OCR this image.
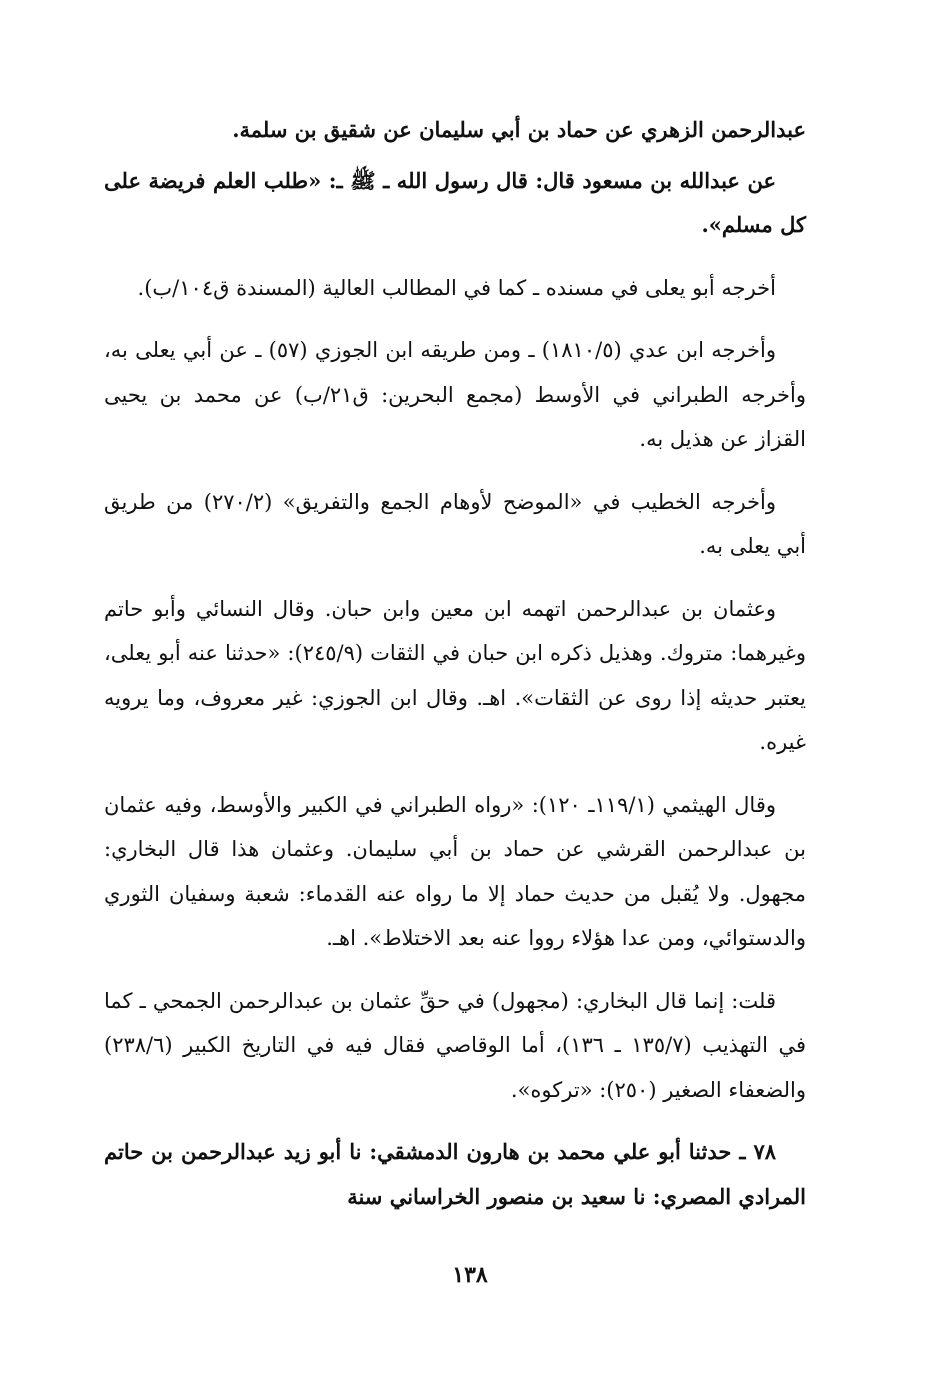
عبدالرحمن الزهري عن حماد بن أبي سليمان عن شقيق بن سلمة.

عن عبدالله بن مسعود قال: قال رسول الله ـ ﷺ ـ: «طلب العلم فريضة على كل مسلم».

أخرجه أبو يعلى في مسنده ـ كما في المطالب العالية (المسندة ق١٠٤/ب).

وأخرجه ابن عدي (١٨١٠/٥) ـ ومن طريقه ابن الجوزي (٥٧) ـ عن أبي يعلى به، وأخرجه الطبراني في الأوسط (مجمع البحرين: ق٢١/ب) عن محمد بن يحيى القزاز عن هذيل به.

وأخرجه الخطيب في «الموضح لأوهام الجمع والتفريق» (٢٧٠/٢) من طريق أبي يعلى به.

وعثمان بن عبدالرحمن اتهمه ابن معين وابن حبان. وقال النسائي وأبو حاتم وغيرهما: متروك. وهذيل ذكره ابن حبان في الثقات (٢٤٥/٩): «حدثنا عنه أبو يعلى، يعتبر حديثه إذا روى عن الثقات». اهـ. وقال ابن الجوزي: غير معروف، وما يرويه غيره.

وقال الهيثمي (١١٩/١ـ ١٢٠): «رواه الطبراني في الكبير والأوسط، وفيه عثمان بن عبدالرحمن القرشي عن حماد بن أبي سليمان. وعثمان هذا قال البخاري: مجهول. ولا يُقبل من حديث حماد إلا ما رواه عنه القدماء: شعبة وسفيان الثوري والدستوائي، ومن عدا هؤلاء رووا عنه بعد الاختلاط». اهـ.

قلت: إنما قال البخاري: (مجهول) في حقِّ عثمان بن عبدالرحمن الجمحي ـ كما في التهذيب (١٣٥/٧ ـ ١٣٦)، أما الوقاصي فقال فيه في التاريخ الكبير (٢٣٨/٦) والضعفاء الصغير (٢٥٠): «تركوه».

٧٨ ـ حدثنا أبو علي محمد بن هارون الدمشقي: نا أبو زيد عبدالرحمن بن حاتم المرادي المصري: نا سعيد بن منصور الخراساني سنة

١٣٨
